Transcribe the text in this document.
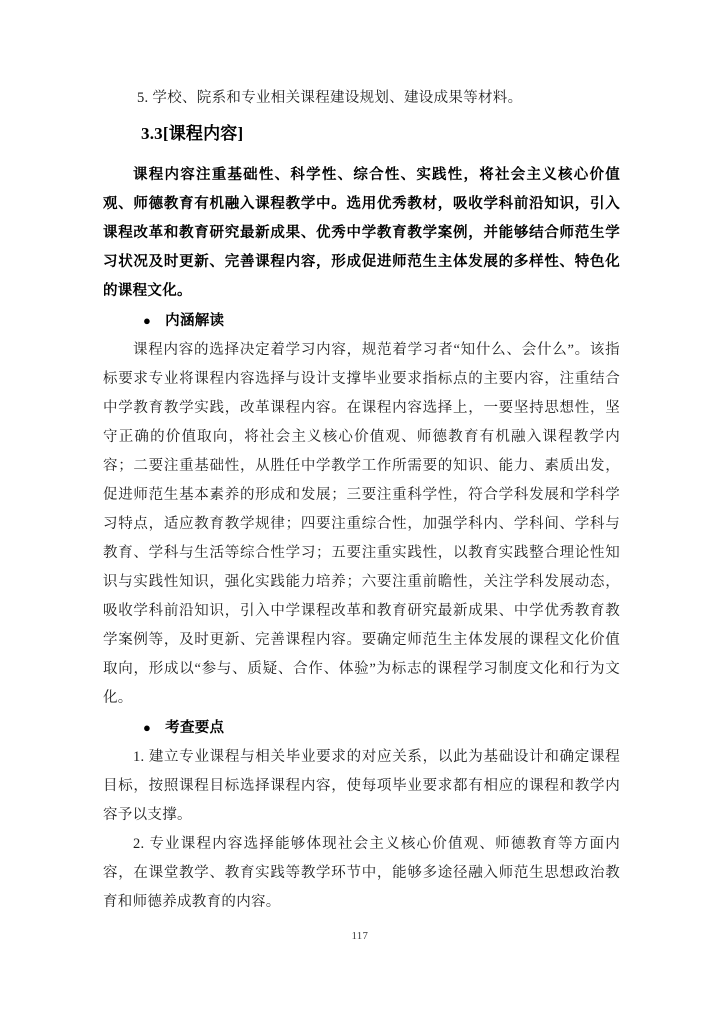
5. 学校、院系和专业相关课程建设规划、建设成果等材料。

3.3[课程内容]

课程内容注重基础性、科学性、综合性、实践性，将社会主义核心价值观、师德教育有机融入课程教学中。选用优秀教材，吸收学科前沿知识，引入课程改革和教育研究最新成果、优秀中学教育教学案例，并能够结合师范生学习状况及时更新、完善课程内容，形成促进师范生主体发展的多样性、特色化的课程文化。

● 内涵解读

课程内容的选择决定着学习内容，规范着学习者“知什么、会什么”。该指标要求专业将课程内容选择与设计支撑毕业要求指标点的主要内容，注重结合中学教育教学实践，改革课程内容。在课程内容选择上，一要坚持思想性，坚守正确的价值取向，将社会主义核心价值观、师德教育有机融入课程教学内容；二要注重基础性，从胜任中学教学工作所需要的知识、能力、素质出发，促进师范生基本素养的形成和发展；三要注重科学性，符合学科发展和学科学习特点，适应教育教学规律；四要注重综合性，加强学科内、学科间、学科与教育、学科与生活等综合性学习；五要注重实践性，以教育实践整合理论性知识与实践性知识，强化实践能力培养；六要注重前瞻性，关注学科发展动态，吸收学科前沿知识，引入中学课程改革和教育研究最新成果、中学优秀教育教学案例等，及时更新、完善课程内容。要确定师范生主体发展的课程文化价值取向，形成以“参与、质疑、合作、体验”为标志的课程学习制度文化和行为文化。

● 考查要点

1. 建立专业课程与相关毕业要求的对应关系，以此为基础设计和确定课程目标，按照课程目标选择课程内容，使每项毕业要求都有相应的课程和教学内容予以支撑。

2. 专业课程内容选择能够体现社会主义核心价值观、师德教育等方面内容，在课堂教学、教育实践等教学环节中，能够多途径融入师范生思想政治教育和师德养成教育的内容。

117
